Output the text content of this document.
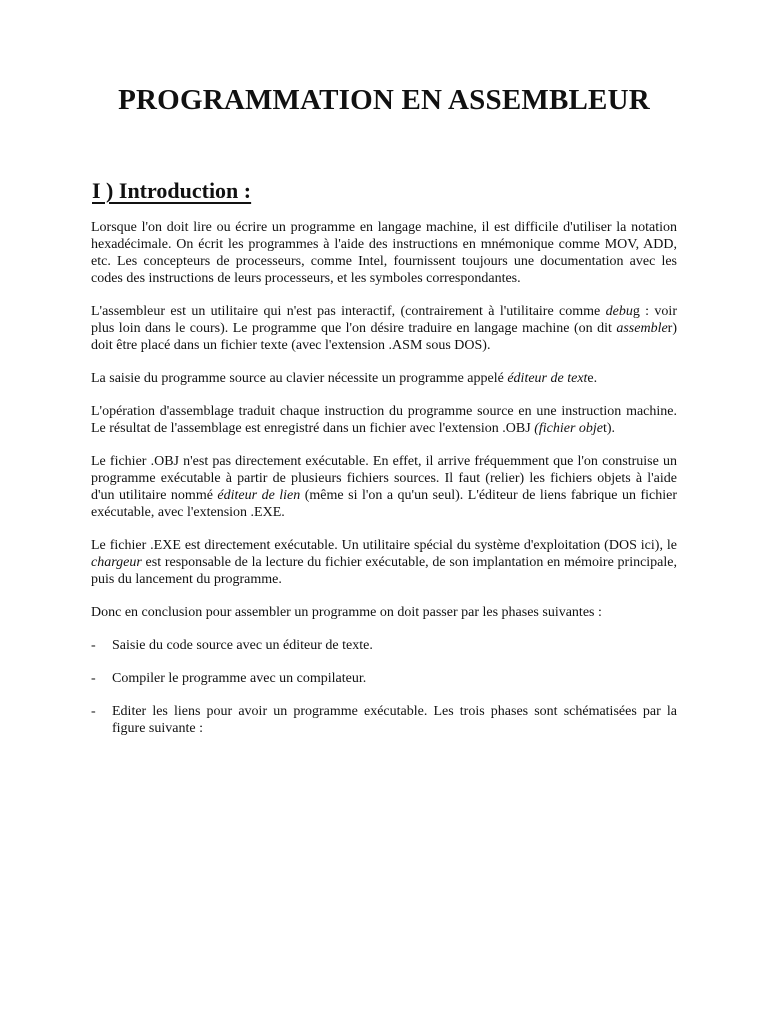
PROGRAMMATION EN ASSEMBLEUR
I ) Introduction :

Lorsque l'on doit lire ou écrire un programme en langage machine, il est difficile d'utiliser la notation hexadécimale. On écrit les programmes à l'aide des instructions en mnémonique comme MOV, ADD, etc. Les concepteurs de processeurs, comme Intel, fournissent toujours une documentation avec les codes des instructions de leurs processeurs, et les symboles correspondantes.

L'assembleur est un utilitaire qui n'est pas interactif, (contrairement à l'utilitaire comme debug : voir plus loin dans le cours). Le programme que l'on désire traduire en langage machine (on dit assembler) doit être placé dans un fichier texte (avec l'extension .ASM sous DOS).

La saisie du programme source au clavier nécessite un programme appelé éditeur de texte.

L'opération d'assemblage traduit chaque instruction du programme source en une instruction machine. Le résultat de l'assemblage est enregistré dans un fichier avec l'extension .OBJ (fichier objet).

Le fichier .OBJ n'est pas directement exécutable. En effet, il arrive fréquemment que l'on construise un programme exécutable à partir de plusieurs fichiers sources. Il faut (relier) les fichiers objets à l'aide d'un utilitaire nommé éditeur de lien (même si l'on a qu'un seul). L'éditeur de liens fabrique un fichier exécutable, avec l'extension .EXE.

Le fichier .EXE est directement exécutable. Un utilitaire spécial du système d'exploitation (DOS ici), le chargeur est responsable de la lecture du fichier exécutable, de son implantation en mémoire principale, puis du lancement du programme.

Donc en conclusion pour assembler un programme on doit passer par les phases suivantes :

-	Saisie du code source avec un éditeur de texte.
-	Compiler le programme avec un compilateur.
-	Editer les liens pour avoir un programme exécutable. Les trois phases sont schématisées par la figure suivante :
